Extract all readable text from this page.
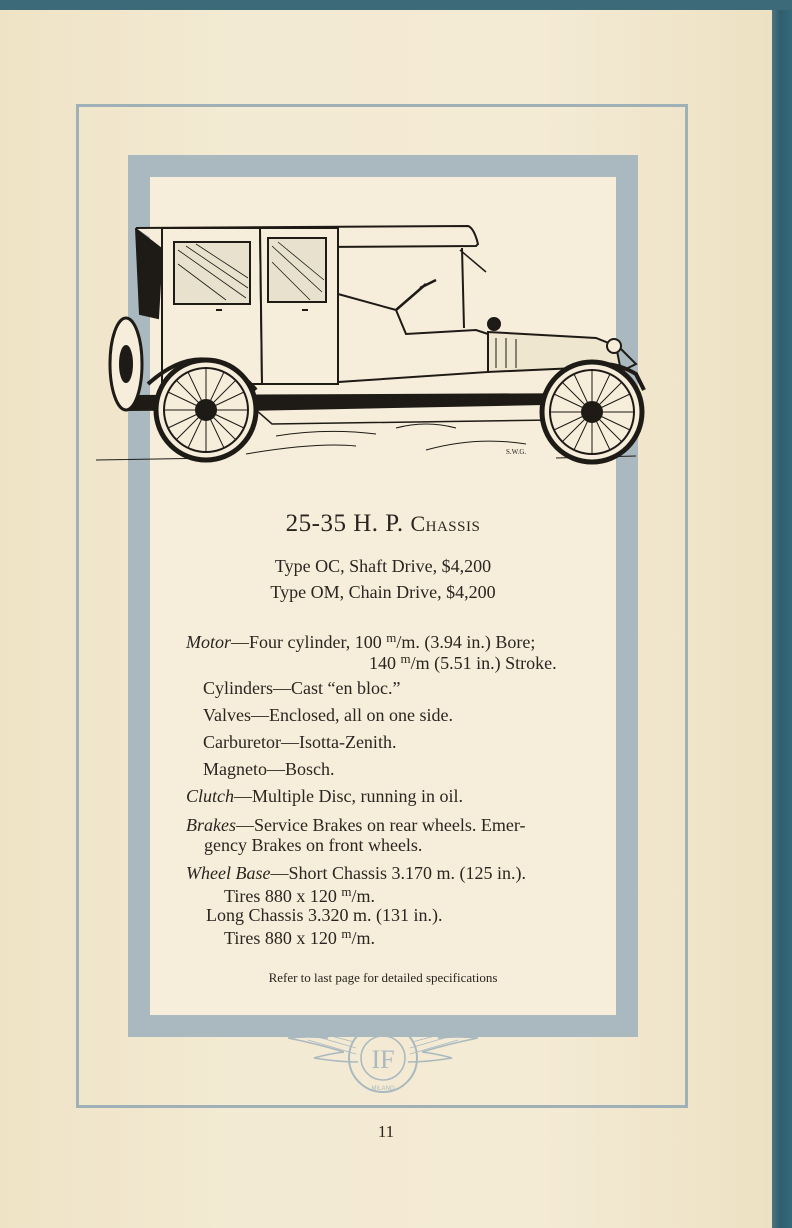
S.W.G.
25-35 H. P. Chassis
Type OC, Shaft Drive, $4,200
Type OM, Chain Drive, $4,200
Motor—Four cylinder, 100 $^m$/m. (3.94 in.) Bore;
140 $^m$/m (5.51 in.) Stroke.
Cylinders—Cast “en bloc.”
Valves—Enclosed, all on one side.
Carburetor—Isotta-Zenith.
Magneto—Bosch.
Clutch—Multiple Disc, running in oil.
Brakes—Service Brakes on rear wheels. Emer-
gency Brakes on front wheels.
Wheel Base—Short Chassis 3.170 m. (125 in.).
Tires 880 x 120 $^m$/m.
Long Chassis 3.320 m. (131 in.).
Tires 880 x 120 $^m$/m.
Refer to last page for detailed specifications
IF
ISOTTA FRASCHINI
MILANO
11
